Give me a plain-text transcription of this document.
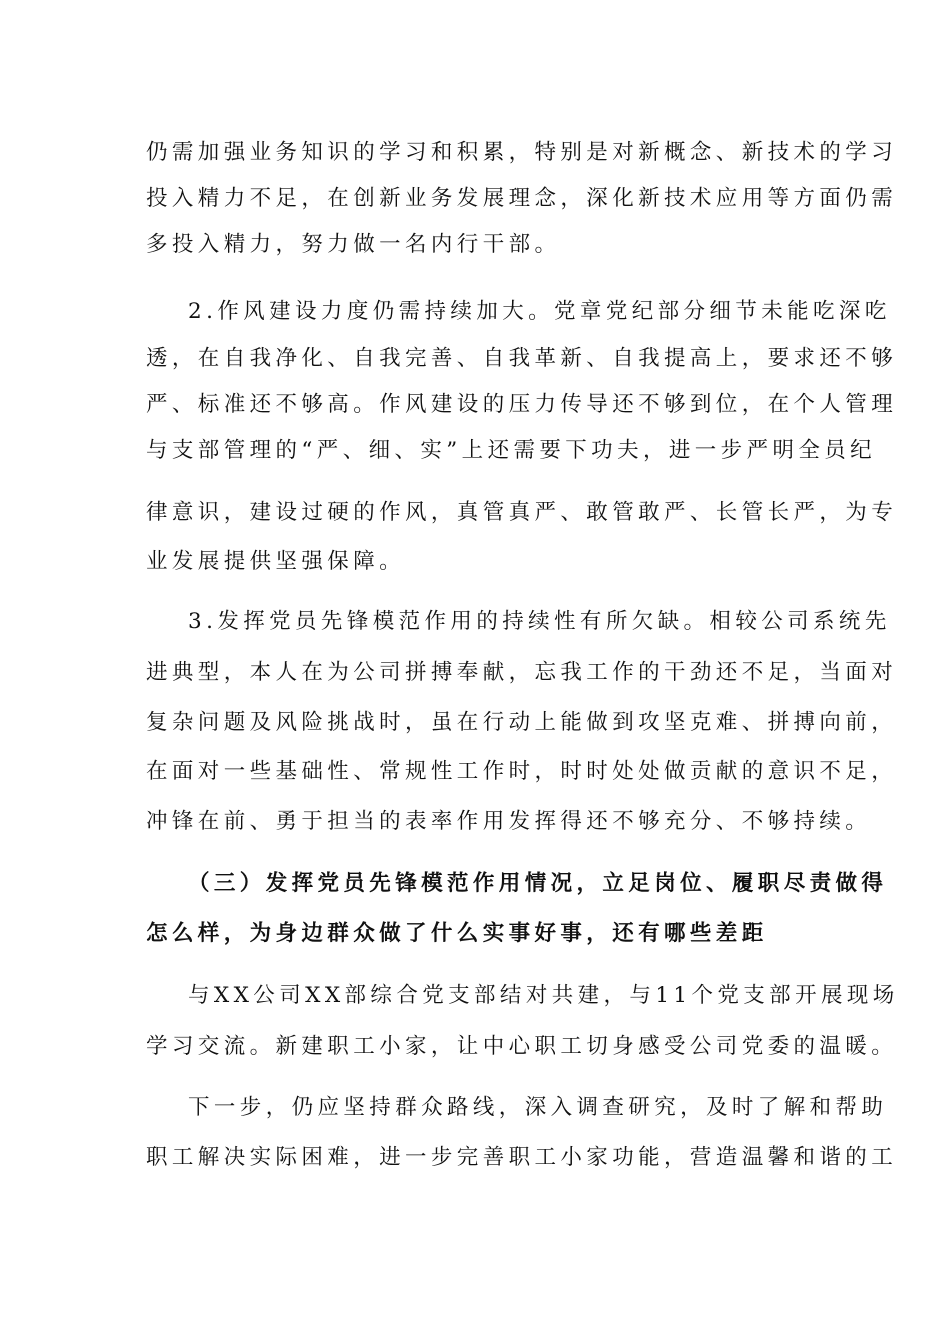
仍需加强业务知识的学习和积累，特别是对新概念、新技术的学习
投入精力不足，在创新业务发展理念，深化新技术应用等方面仍需
多投入精力，努力做一名内行干部。
2.作风建设力度仍需持续加大。党章党纪部分细节未能吃深吃
透，在自我净化、自我完善、自我革新、自我提高上，要求还不够
严、标准还不够高。作风建设的压力传导还不够到位，在个人管理
与支部管理的“严、细、实”上还需要下功夫，进一步严明全员纪
律意识，建设过硬的作风，真管真严、敢管敢严、长管长严，为专
业发展提供坚强保障。
3.发挥党员先锋模范作用的持续性有所欠缺。相较公司系统先
进典型，本人在为公司拼搏奉献，忘我工作的干劲还不足，当面对
复杂问题及风险挑战时，虽在行动上能做到攻坚克难、拼搏向前，
在面对一些基础性、常规性工作时，时时处处做贡献的意识不足，
冲锋在前、勇于担当的表率作用发挥得还不够充分、不够持续。
（三）发挥党员先锋模范作用情况，立足岗位、履职尽责做得
怎么样，为身边群众做了什么实事好事，还有哪些差距
与XX公司XX部综合党支部结对共建，与11个党支部开展现场
学习交流。新建职工小家，让中心职工切身感受公司党委的温暖。
下一步，仍应坚持群众路线，深入调查研究，及时了解和帮助
职工解决实际困难，进一步完善职工小家功能，营造温馨和谐的工
